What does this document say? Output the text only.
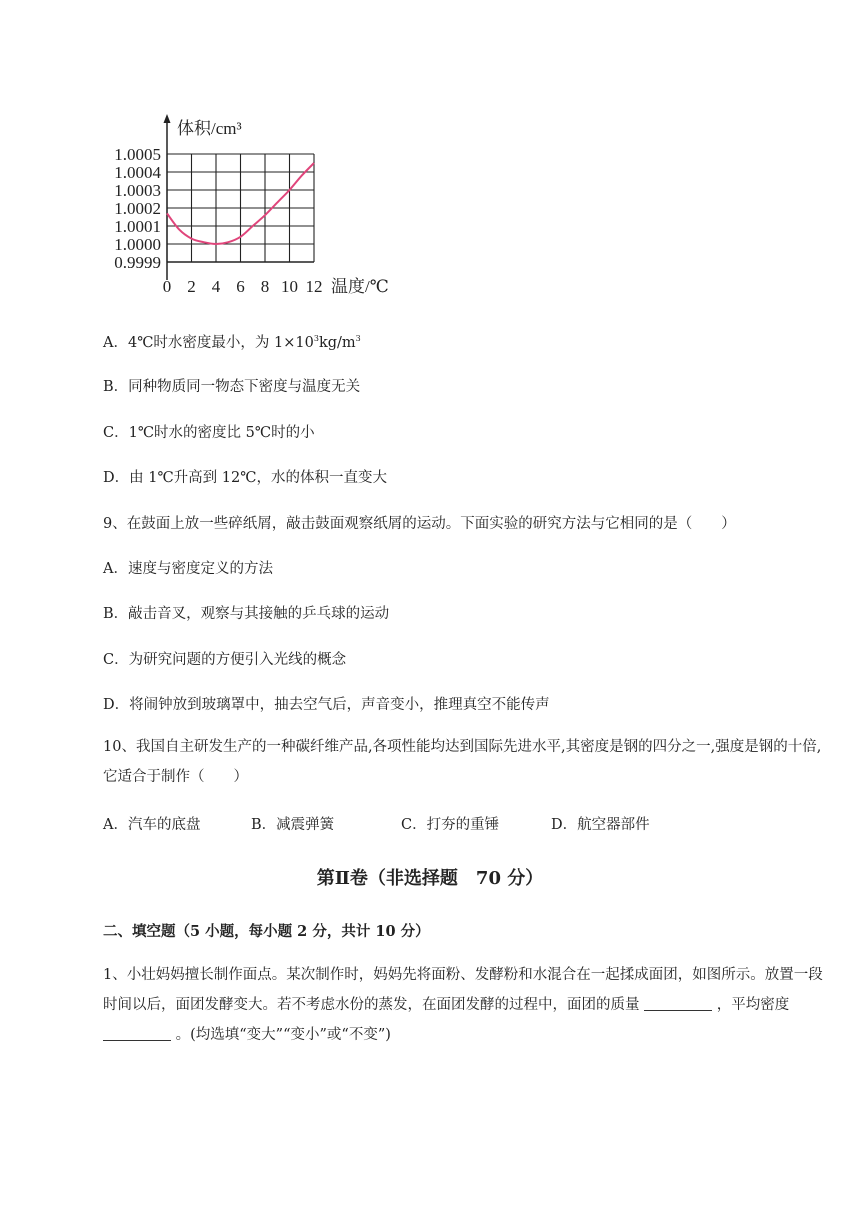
体积/cm³
温度/℃
0.9999
1.0000
1.0001
1.0002
1.0003
1.0004
1.0005
0 2 4 6 8 10 12
A．4℃时水密度最小，为 $1\times 10^3kg/m^3$
B．同种物质同一物态下密度与温度无关
C．1℃时水的密度比 5℃时的小
D．由 1℃升高到 12℃，水的体积一直变大
9、在鼓面上放一些碎纸屑，敲击鼓面观察纸屑的运动。下面实验的研究方法与它相同的是（　　）
A．速度与密度定义的方法
B．敲击音叉，观察与其接触的乒乓球的运动
C．为研究问题的方便引入光线的概念
D．将闹钟放到玻璃罩中，抽去空气后，声音变小，推理真空不能传声
10、我国自主研发生产的一种碳纤维产品,各项性能均达到国际先进水平,其密度是钢的四分之一,强度是钢的十倍,它适合于制作（　　）
A．汽车的底盘	B．减震弹簧	C．打夯的重锤	D．航空器部件
第Ⅱ卷（非选择题　70 分）
二、填空题（5 小题，每小题 2 分，共计 10 分）
1、小壮妈妈擅长制作面点。某次制作时，妈妈先将面粉、发酵粉和水混合在一起揉成面团，如图所示。放置一段时间以后，面团发酵变大。若不考虑水份的蒸发，在面团发酵的过程中，面团的质量	，平均密度 。(均选填“变大”“变小”或“不变”)
